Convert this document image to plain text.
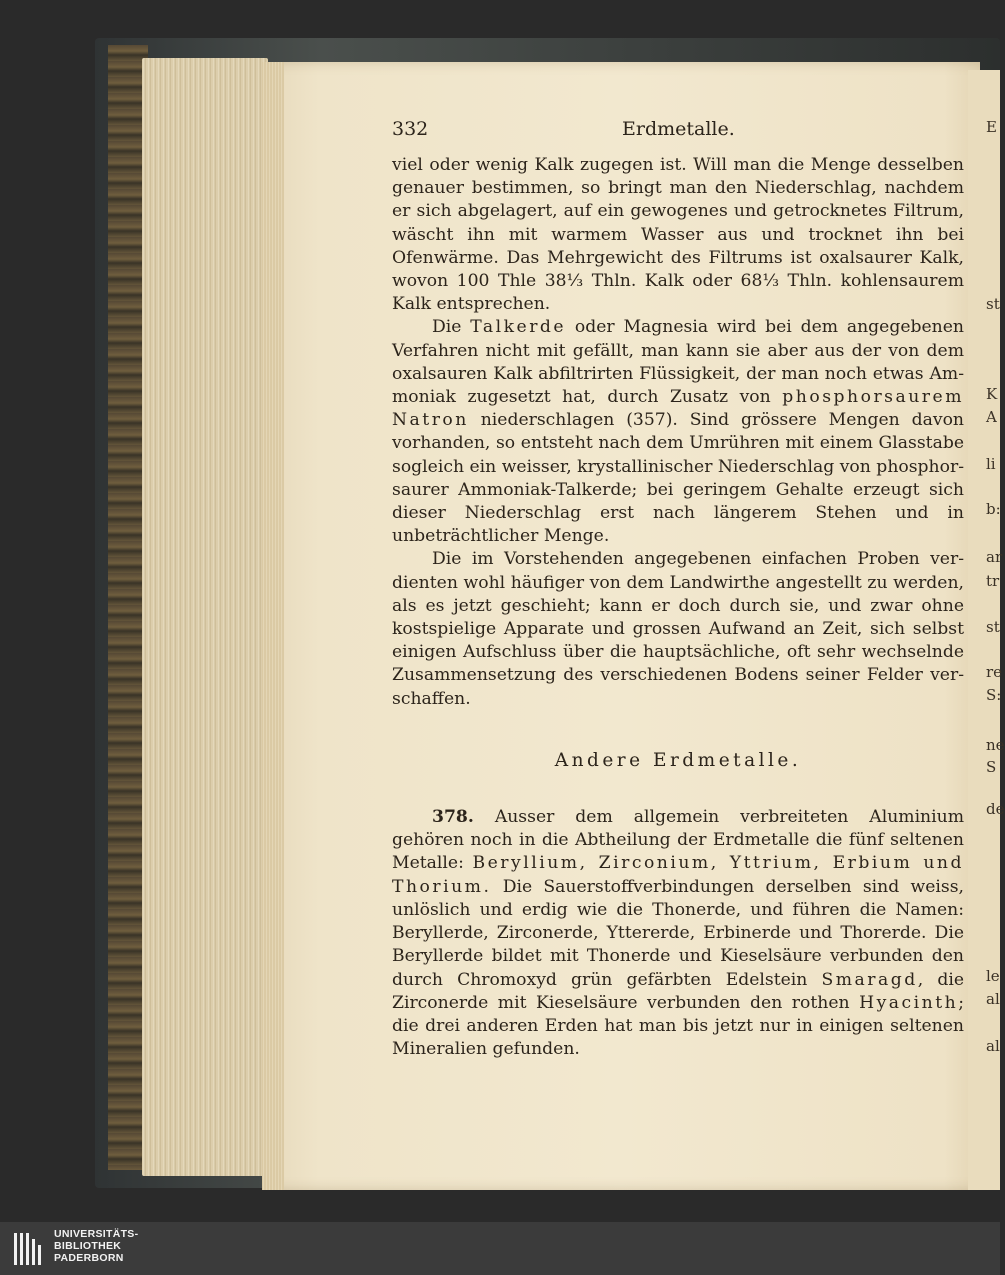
E
st
K
A
li
b:
ar
tr
st
re
S:
ne
S
de
le
al
al
332	Erdmetalle.

viel oder wenig Kalk zugegen ist. Will man die Menge desselben genauer bestimmen, so bringt man den Niederschlag, nachdem er sich abgelagert, auf ein gewogenes und getrocknetes Filtrum, wäscht ihn mit warmem Wasser aus und trocknet ihn bei Ofenwärme. Das Mehrgewicht des Filtrums ist oxalsaurer Kalk, wovon 100 Thle 38⅓ Thln. Kalk oder 68⅓ Thln. kohlensaurem Kalk entsprechen.

Die Talkerde oder Magnesia wird bei dem angegebenen Verfahren nicht mit gefällt, man kann sie aber aus der von dem oxalsauren Kalk abfiltrirten Flüssigkeit, der man noch etwas Ammoniak zugesetzt hat, durch Zusatz von phosphorsaurem Natron niederschlagen (357). Sind grössere Mengen davon vorhanden, so entsteht nach dem Umrühren mit einem Glasstabe sogleich ein weisser, krystallinischer Niederschlag von phosphorsaurer Ammoniak-Talkerde; bei geringem Gehalte erzeugt sich dieser Niederschlag erst nach längerem Stehen und in unbeträchtlicher Menge.

Die im Vorstehenden angegebenen einfachen Proben verdienten wohl häufiger von dem Landwirthe angestellt zu werden, als es jetzt geschieht; kann er doch durch sie, und zwar ohne kostspielige Apparate und grossen Aufwand an Zeit, sich selbst einigen Aufschluss über die hauptsächliche, oft sehr wechselnde Zusammensetzung des verschiedenen Bodens seiner Felder verschaffen.

Andere Erdmetalle.

378. Ausser dem allgemein verbreiteten Aluminium gehören noch in die Abtheilung der Erdmetalle die fünf seltenen Metalle: Beryllium, Zirconium, Yttrium, Erbium und Thorium. Die Sauerstoffverbindungen derselben sind weiss, unlöslich und erdig wie die Thonerde, und führen die Namen: Beryllerde, Zirconerde, Yttererde, Erbinerde und Thorerde. Die Beryllerde bildet mit Thonerde und Kieselsäure verbunden den durch Chromoxyd grün gefärbten Edelstein Smaragd, die Zirconerde mit Kieselsäure verbunden den rothen Hyacinth; die drei anderen Erden hat man bis jetzt nur in einigen seltenen Mineralien gefunden.

UNIVERSITÄTS-
BIBLIOTHEK
PADERBORN
